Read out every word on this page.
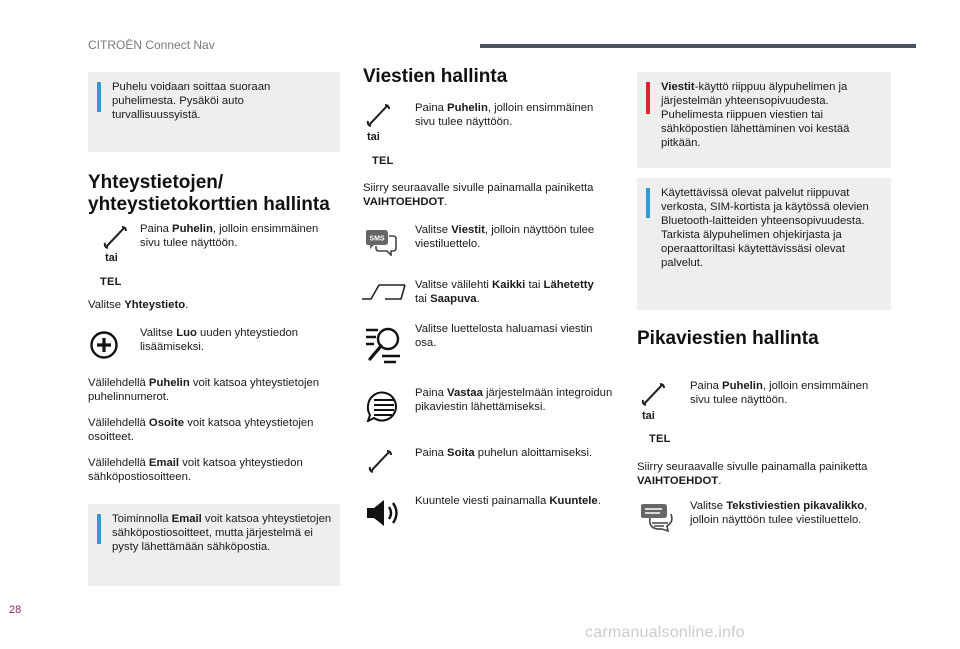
CITROËN Connect Nav

Puhelu voidaan soittaa suoraan puhelimesta. Pysäköi auto turvallisuussyistä.

Yhteystietojen/
yhteystietokorttien hallinta
tai
TEL

Paina Puhelin, jolloin ensimmäinen sivu tulee näyttöön.

Valitse Yhteystieto.

Valitse Luo uuden yhteystiedon lisäämiseksi.

Välilehdellä Puhelin voit katsoa yhteystietojen puhelinnumerot.

Välilehdellä Osoite voit katsoa yhteystietojen osoitteet.

Välilehdellä Email voit katsoa yhteystiedon sähköpostiosoitteen.

Toiminnolla Email voit katsoa yhteystietojen sähköpostiosoitteet, mutta järjestelmä ei pysty lähettämään sähköpostia.

Viestien hallinta
tai
TEL

Paina Puhelin, jolloin ensimmäinen sivu tulee näyttöön.

Siirry seuraavalle sivulle painamalla painiketta VAIHTOEHDOT.

SMS

Valitse Viestit, jolloin näyttöön tulee viestiluettelo.

Valitse välilehti Kaikki tai Lähetetty
tai Saapuva.

Valitse luettelosta haluamasi viestin osa.

Paina Vastaa järjestelmään integroidun pikaviestin lähettämiseksi.

Paina Soita puhelun aloittamiseksi.

Kuuntele viesti painamalla Kuuntele.

Viestit-käyttö riippuu älypuhelimen ja järjestelmän yhteensopivuudesta. Puhelimesta riippuen viestien tai sähköpostien lähettäminen voi kestää pitkään.

Käytettävissä olevat palvelut riippuvat verkosta, SIM-kortista ja käytössä olevien Bluetooth-laitteiden yhteensopivuudesta. Tarkista älypuhelimen ohjekirjasta ja operaattoriltasi käytettävissäsi olevat palvelut.

Pikaviestien hallinta
tai
TEL

Paina Puhelin, jolloin ensimmäinen sivu tulee näyttöön.

Siirry seuraavalle sivulle painamalla painiketta VAIHTOEHDOT.

Valitse Tekstiviestien pikavalikko, jolloin näyttöön tulee viestiluettelo.

28
carmanualsonline.info
